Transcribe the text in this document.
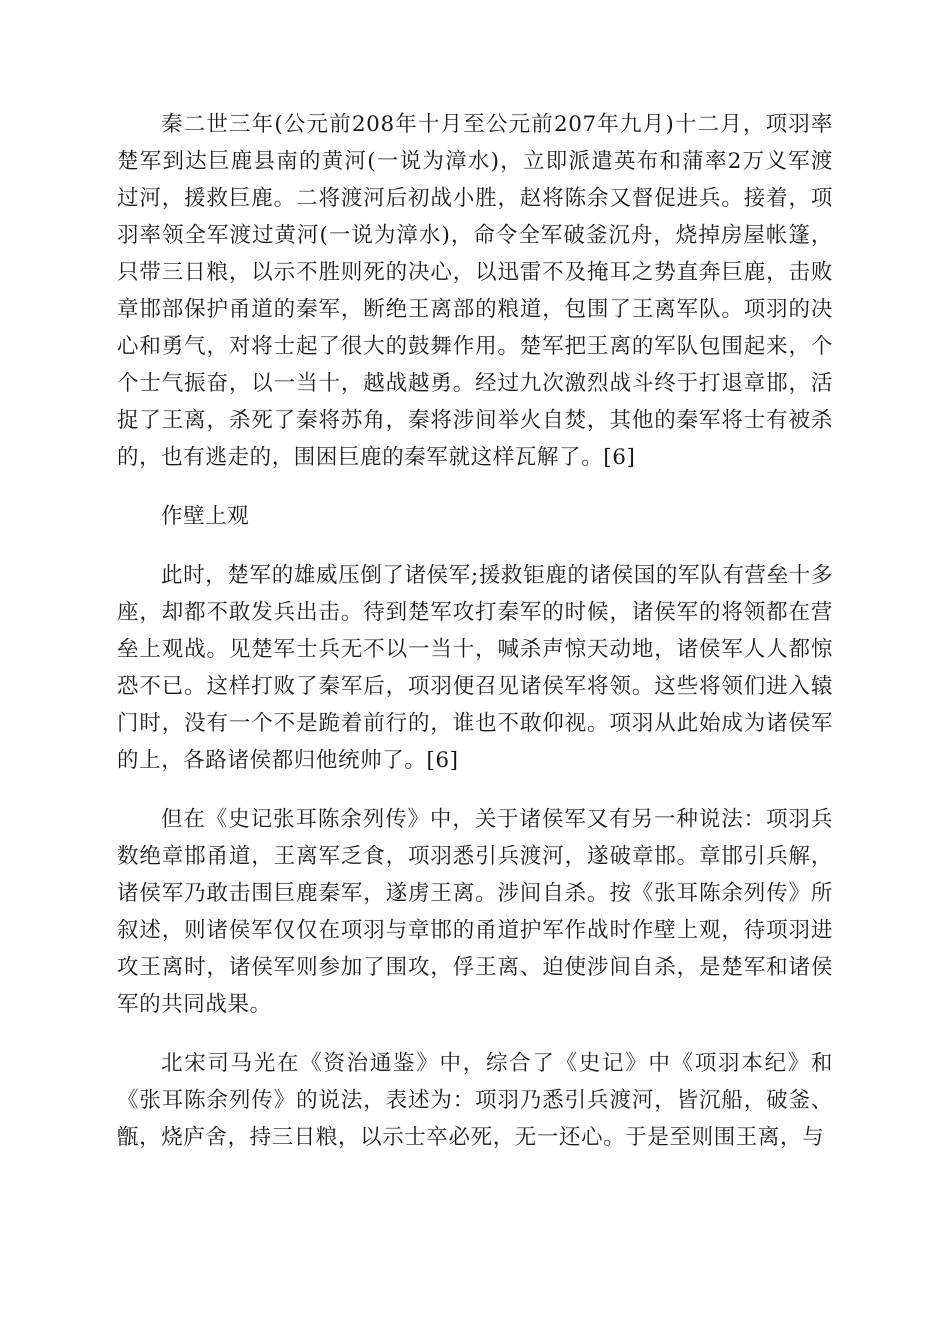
秦二世三年(公元前208年十月至公元前207年九月)十二月，项羽率楚军到达巨鹿县南的黄河(一说为漳水)，立即派遣英布和蒲率2万义军渡过河，援救巨鹿。二将渡河后初战小胜，赵将陈余又督促进兵。接着，项羽率领全军渡过黄河(一说为漳水)，命令全军破釜沉舟，烧掉房屋帐篷，只带三日粮，以示不胜则死的决心，以迅雷不及掩耳之势直奔巨鹿，击败章邯部保护甬道的秦军，断绝王离部的粮道，包围了王离军队。项羽的决心和勇气，对将士起了很大的鼓舞作用。楚军把王离的军队包围起来，个个士气振奋，以一当十，越战越勇。经过九次激烈战斗终于打退章邯，活捉了王离，杀死了秦将苏角，秦将涉间举火自焚，其他的秦军将士有被杀的，也有逃走的，围困巨鹿的秦军就这样瓦解了。[6]

作壁上观

此时，楚军的雄威压倒了诸侯军;援救钜鹿的诸侯国的军队有营垒十多座，却都不敢发兵出击。待到楚军攻打秦军的时候，诸侯军的将领都在营垒上观战。见楚军士兵无不以一当十，喊杀声惊天动地，诸侯军人人都惊恐不已。这样打败了秦军后，项羽便召见诸侯军将领。这些将领们进入辕门时，没有一个不是跪着前行的，谁也不敢仰视。项羽从此始成为诸侯军的上，各路诸侯都归他统帅了。[6]

但在《史记张耳陈余列传》中，关于诸侯军又有另一种说法：项羽兵数绝章邯甬道，王离军乏食，项羽悉引兵渡河，遂破章邯。章邯引兵解，诸侯军乃敢击围巨鹿秦军，遂虏王离。涉间自杀。按《张耳陈余列传》所叙述，则诸侯军仅仅在项羽与章邯的甬道护军作战时作壁上观，待项羽进攻王离时，诸侯军则参加了围攻，俘王离、迫使涉间自杀，是楚军和诸侯军的共同战果。

北宋司马光在《资治通鉴》中，综合了《史记》中《项羽本纪》和《张耳陈余列传》的说法，表述为：项羽乃悉引兵渡河，皆沉船，破釜、甑，烧庐舍，持三日粮，以示士卒必死，无一还心。于是至则围王离，与
